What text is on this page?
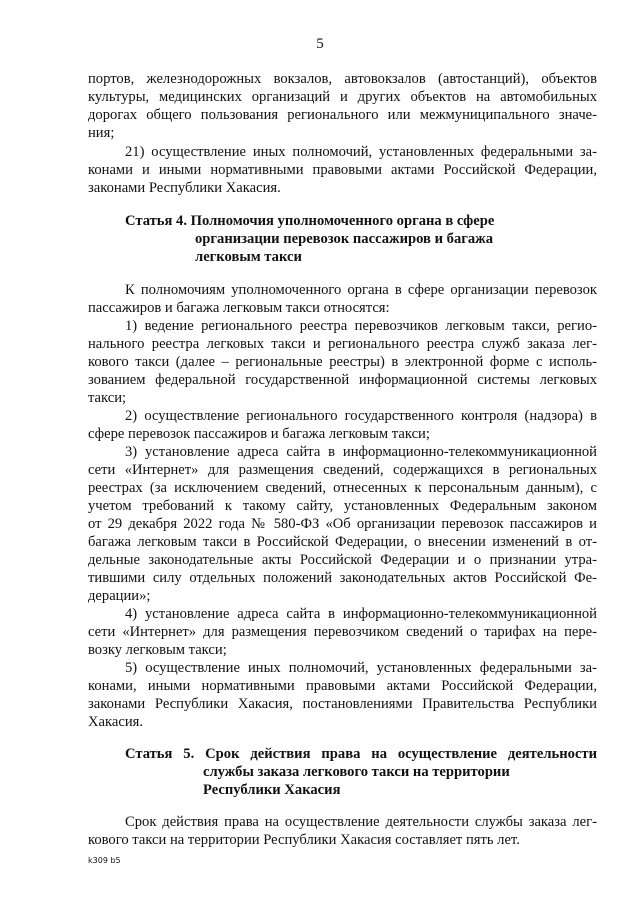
5
портов, железнодорожных вокзалов, автовокзалов (автостанций), объектов
культуры, медицинских организаций и других объектов на автомобильных
дорогах общего пользования регионального или межмуниципального значе-
ния;
21) осуществление иных полномочий, установленных федеральными за-
конами и иными нормативными правовыми актами Российской Федерации,
законами Республики Хакасия.
Статья 4. Полномочия уполномоченного органа в сфере
организации перевозок пассажиров и багажа
легковым такси
К полномочиям уполномоченного органа в сфере организации перевозок
пассажиров и багажа легковым такси относятся:
1) ведение регионального реестра перевозчиков легковым такси, регио-
нального реестра легковых такси и регионального реестра служб заказа лег-
кового такси (далее – региональные реестры) в электронной форме с исполь-
зованием федеральной государственной информационной системы легковых
такси;
2) осуществление регионального государственного контроля (надзора) в
сфере перевозок пассажиров и багажа легковым такси;
3) установление адреса сайта в информационно-телекоммуникационной
сети «Интернет» для размещения сведений, содержащихся в региональных
реестрах (за исключением сведений, отнесенных к персональным данным), с
учетом требований к такому сайту, установленных Федеральным законом
от 29 декабря 2022 года № 580-ФЗ «Об организации перевозок пассажиров и
багажа легковым такси в Российской Федерации, о внесении изменений в от-
дельные законодательные акты Российской Федерации и о признании утра-
тившими силу отдельных положений законодательных актов Российской Фе-
дерации»;
4) установление адреса сайта в информационно-телекоммуникационной
сети «Интернет» для размещения перевозчиком сведений о тарифах на пере-
возку легковым такси;
5) осуществление иных полномочий, установленных федеральными за-
конами, иными нормативными правовыми актами Российской Федерации,
законами Республики Хакасия, постановлениями Правительства Республики
Хакасия.
Статья 5. Срок действия права на осуществление деятельности
службы заказа легкового такси на территории
Республики Хакасия
Срок действия права на осуществление деятельности службы заказа лег-
кового такси на территории Республики Хакасия составляет пять лет.
k309 b5
